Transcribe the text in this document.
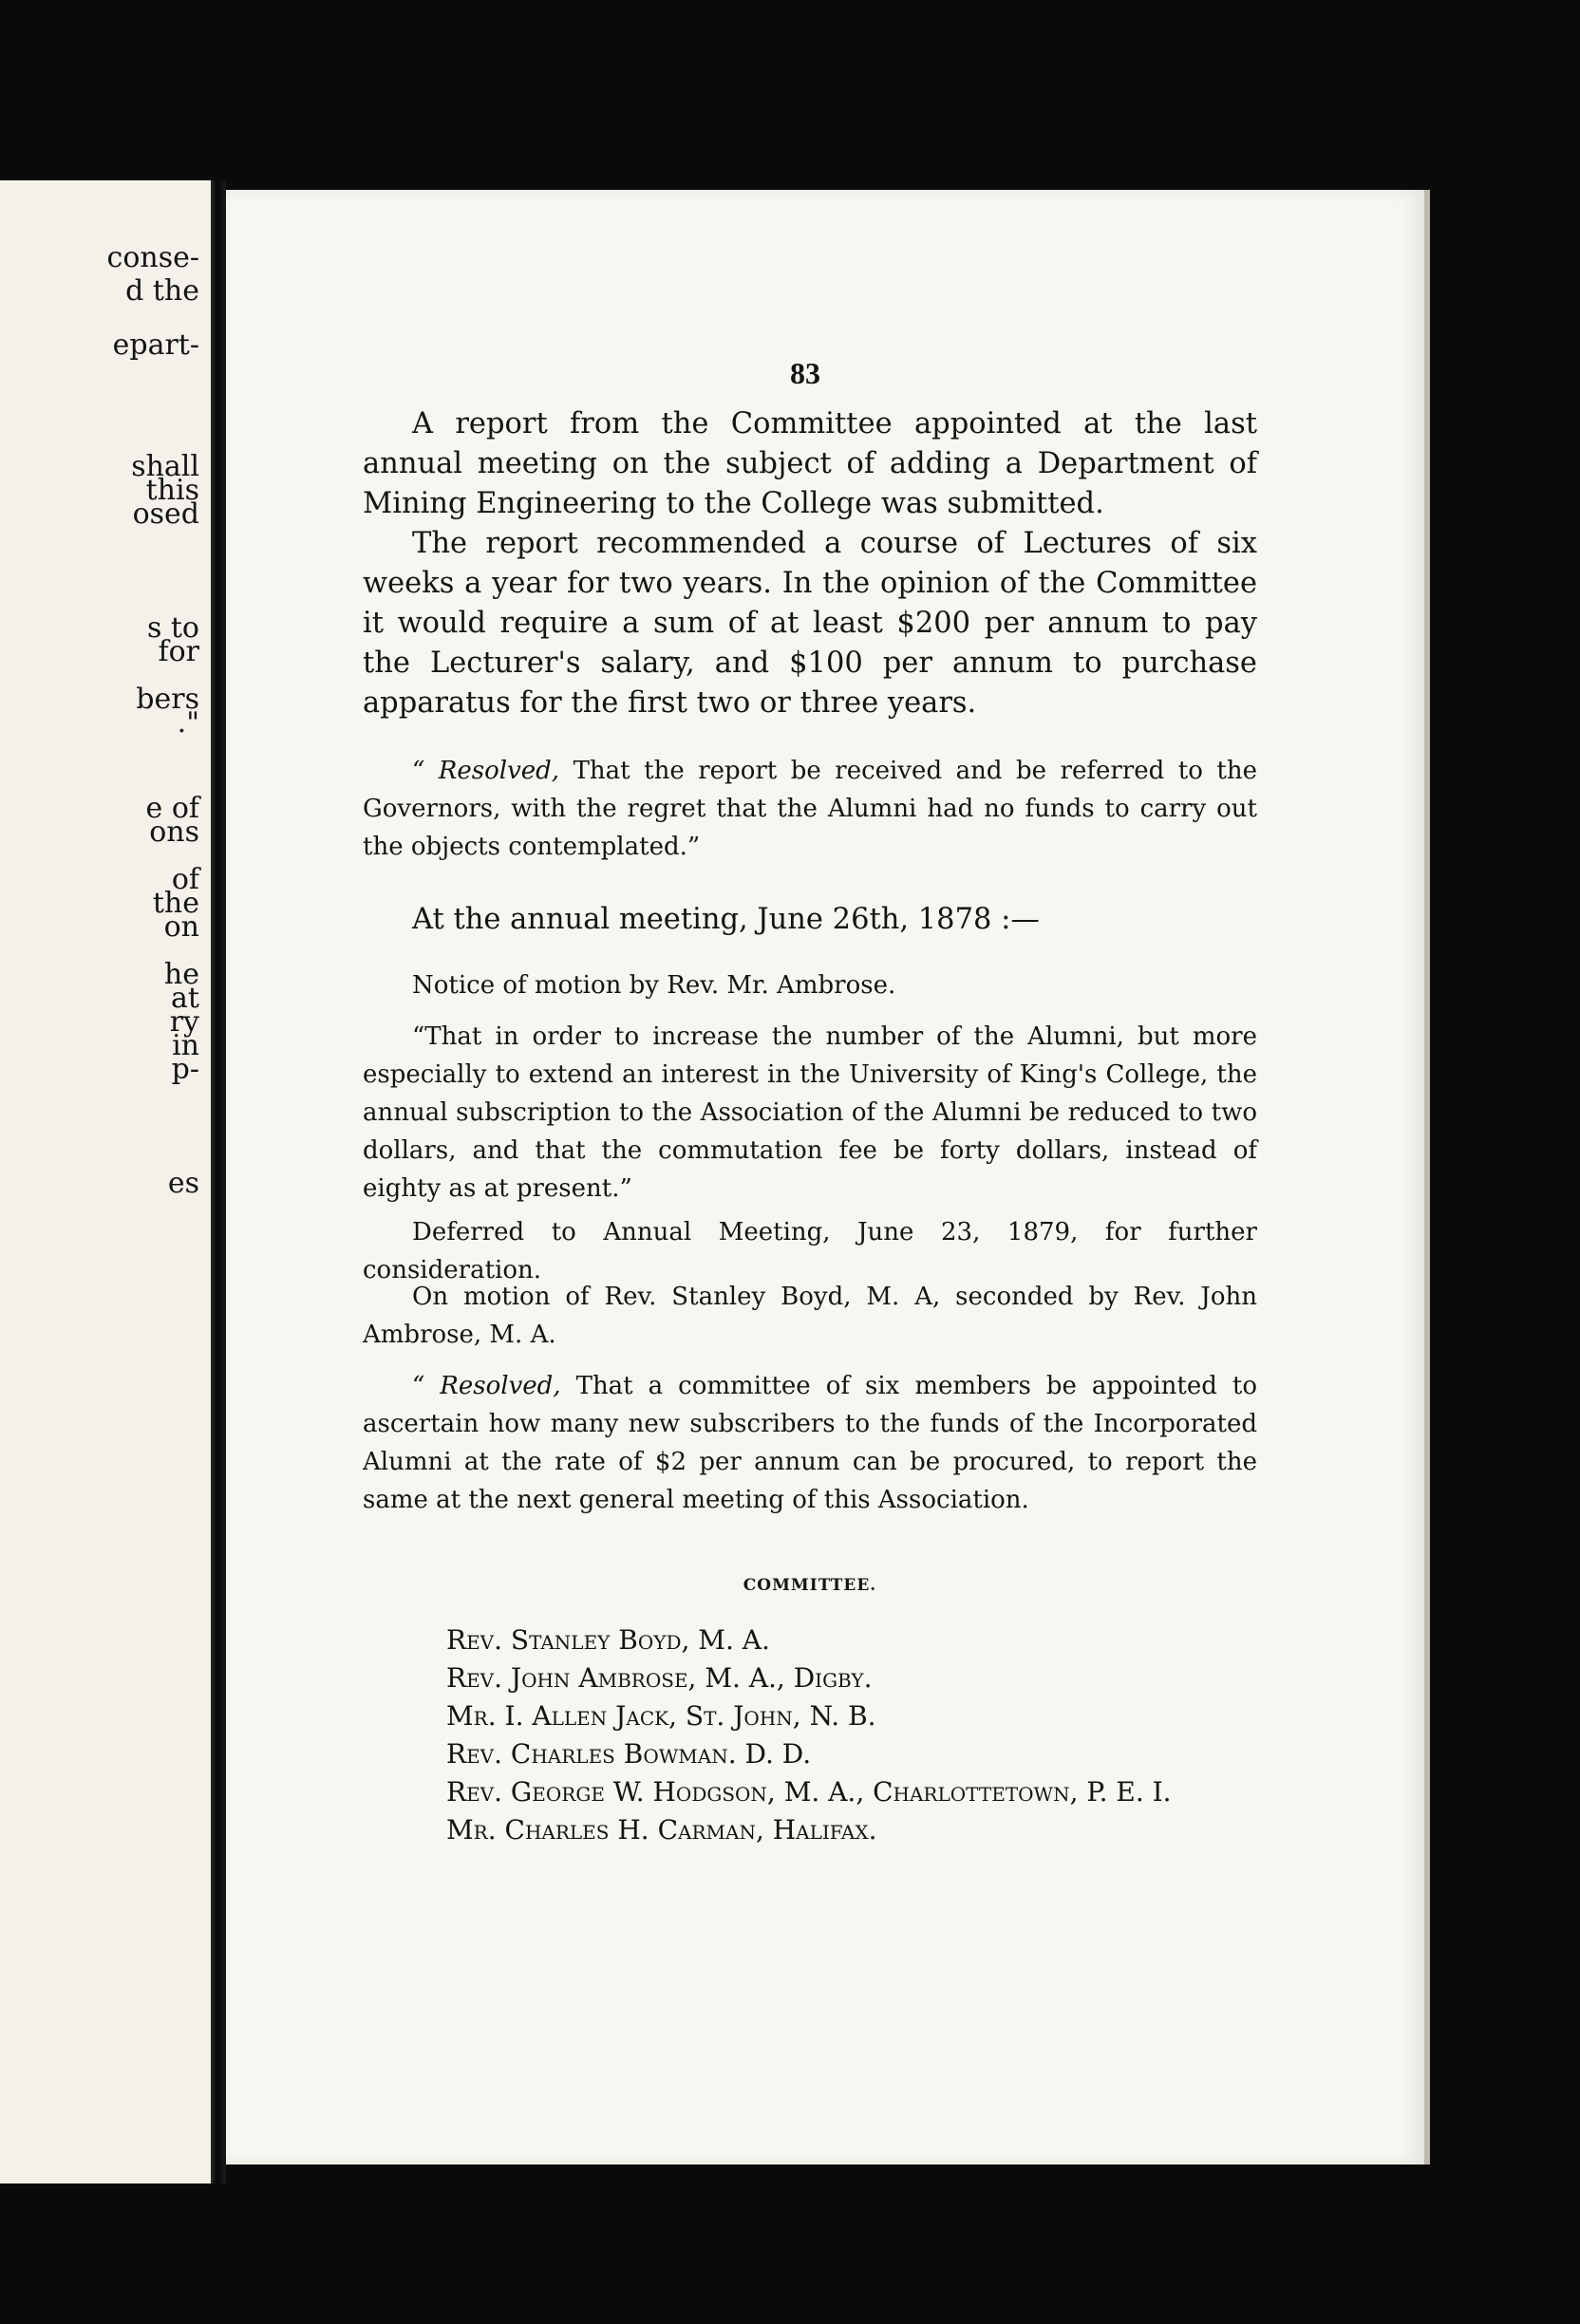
conse-
d the
epart-
shall
this
osed
s to
for
bers
."
e of
ons
of
the
on
he
at
ry
in
p-
es
83
A report from the Committee appointed at the last annual meeting on the subject of adding a Department of Mining Engineering to the College was submitted.
The report recommended a course of Lectures of six weeks a year for two years. In the opinion of the Committee it would require a sum of at least $200 per annum to pay the Lecturer's salary, and $100 per annum to purchase apparatus for the first two or three years.
“ Resolved, That the report be received and be referred to the Governors, with the regret that the Alumni had no funds to carry out the objects contemplated.”
At the annual meeting, June 26th, 1878 :—
Notice of motion by Rev. Mr. Ambrose.
“That in order to increase the number of the Alumni, but more especially to extend an interest in the University of King's College, the annual subscription to the Association of the Alumni be reduced to two dollars, and that the commutation fee be forty dollars, instead of eighty as at present.”
Deferred to Annual Meeting, June 23, 1879, for further consideration.
On motion of Rev. Stanley Boyd, M. A, seconded by Rev. John Ambrose, M. A.
“ Resolved, That a committee of six members be appointed to ascertain how many new subscribers to the funds of the Incorporated Alumni at the rate of $2 per annum can be procured, to report the same at the next general meeting of this Association.
COMMITTEE.
Rev. Stanley Boyd, M. A.
Rev. John Ambrose, M. A., Digby.
Mr. I. Allen Jack, St. John, N. B.
Rev. Charles Bowman. D. D.
Rev. George W. Hodgson, M. A., Charlottetown, P. E. I.
Mr. Charles H. Carman, Halifax.
